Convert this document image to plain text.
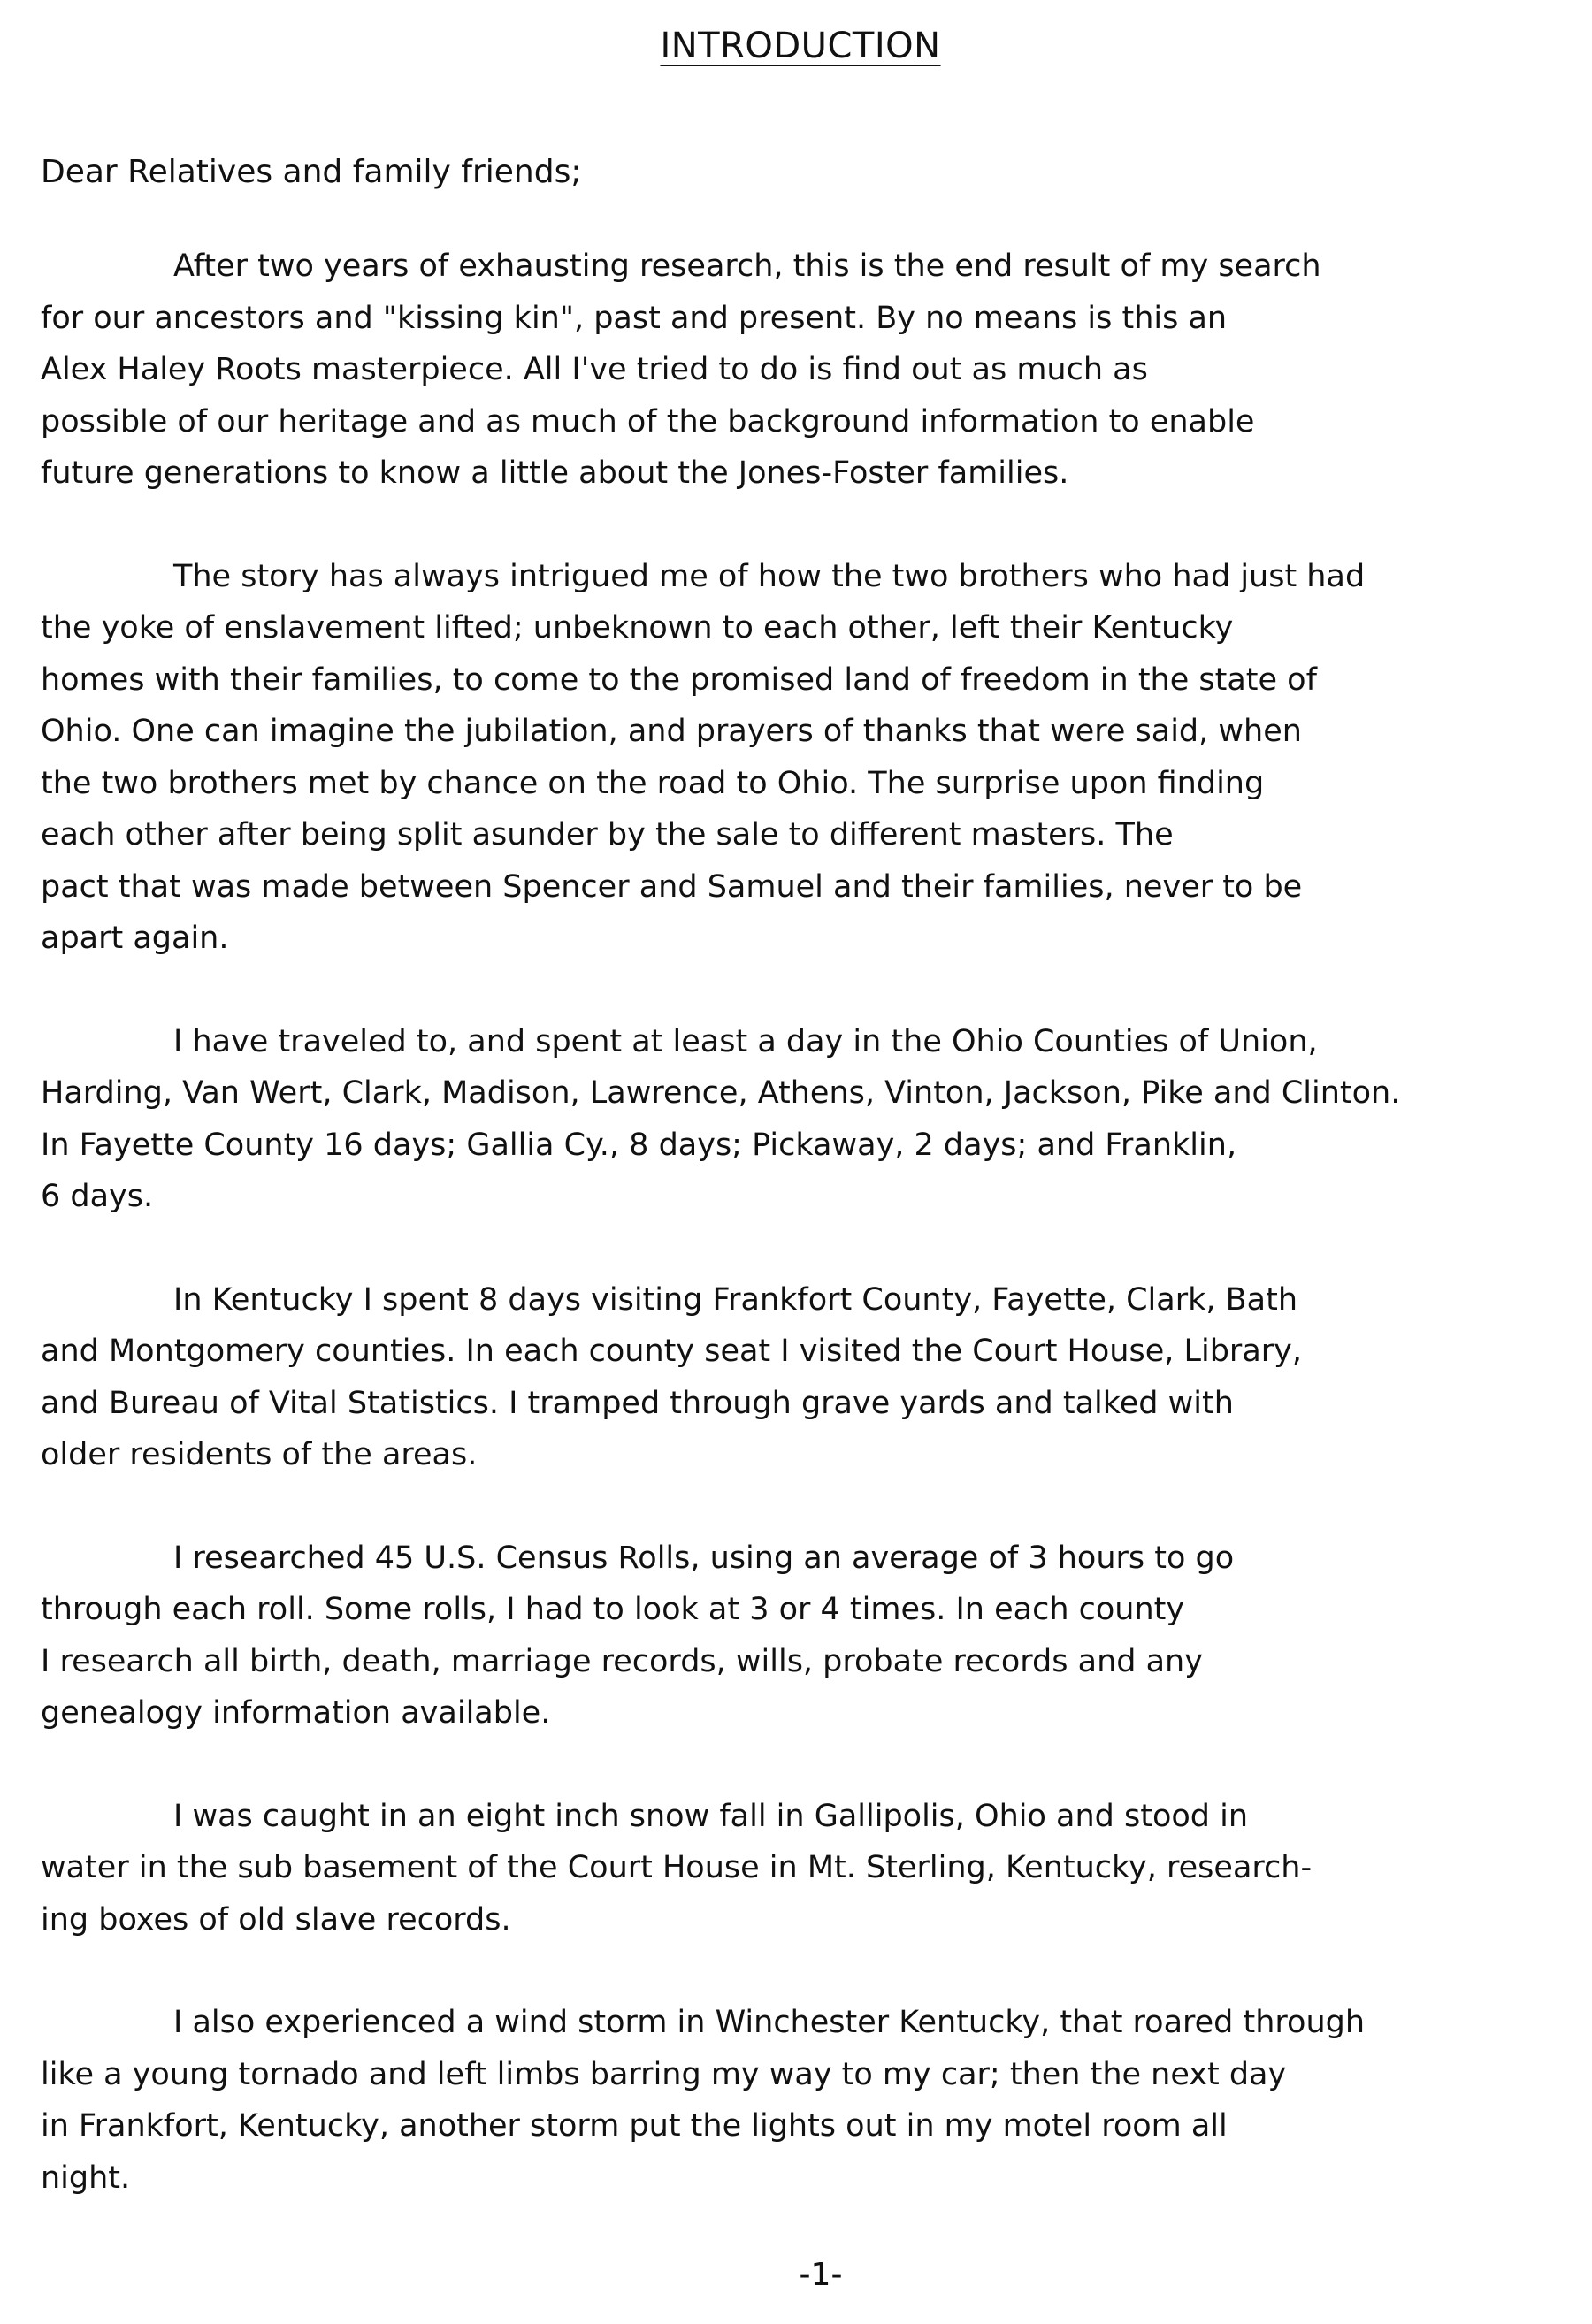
INTRODUCTION
Dear Relatives and family friends;
After two years of exhausting research, this is the end result of my search
for our ancestors and "kissing kin", past and present. By no means is this an
Alex Haley Roots masterpiece. All I've tried to do is find out as much as
possible of our heritage and as much of the background information to enable
future generations to know a little about the Jones-Foster families.
The story has always intrigued me of how the two brothers who had just had
the yoke of enslavement lifted; unbeknown to each other, left their Kentucky
homes with their families, to come to the promised land of freedom in the state of
Ohio. One can imagine the jubilation, and prayers of thanks that were said, when
the two brothers met by chance on the road to Ohio. The surprise upon finding
each other after being split asunder by the sale to different masters. The
pact that was made between Spencer and Samuel and their families, never to be
apart again.
I have traveled to, and spent at least a day in the Ohio Counties of Union,
Harding, Van Wert, Clark, Madison, Lawrence, Athens, Vinton, Jackson, Pike and Clinton.
In Fayette County 16 days; Gallia Cy., 8 days; Pickaway, 2 days; and Franklin,
6 days.
In Kentucky I spent 8 days visiting Frankfort County, Fayette, Clark, Bath
and Montgomery counties. In each county seat I visited the Court House, Library,
and Bureau of Vital Statistics. I tramped through grave yards and talked with
older residents of the areas.
I researched 45 U.S. Census Rolls, using an average of 3 hours to go
through each roll. Some rolls, I had to look at 3 or 4 times. In each county
I research all birth, death, marriage records, wills, probate records and any
genealogy information available.
I was caught in an eight inch snow fall in Gallipolis, Ohio and stood in
water in the sub basement of the Court House in Mt. Sterling, Kentucky, research-
ing boxes of old slave records.
I also experienced a wind storm in Winchester Kentucky, that roared through
like a young tornado and left limbs barring my way to my car; then the next day
in Frankfort, Kentucky, another storm put the lights out in my motel room all
night.
-1-
